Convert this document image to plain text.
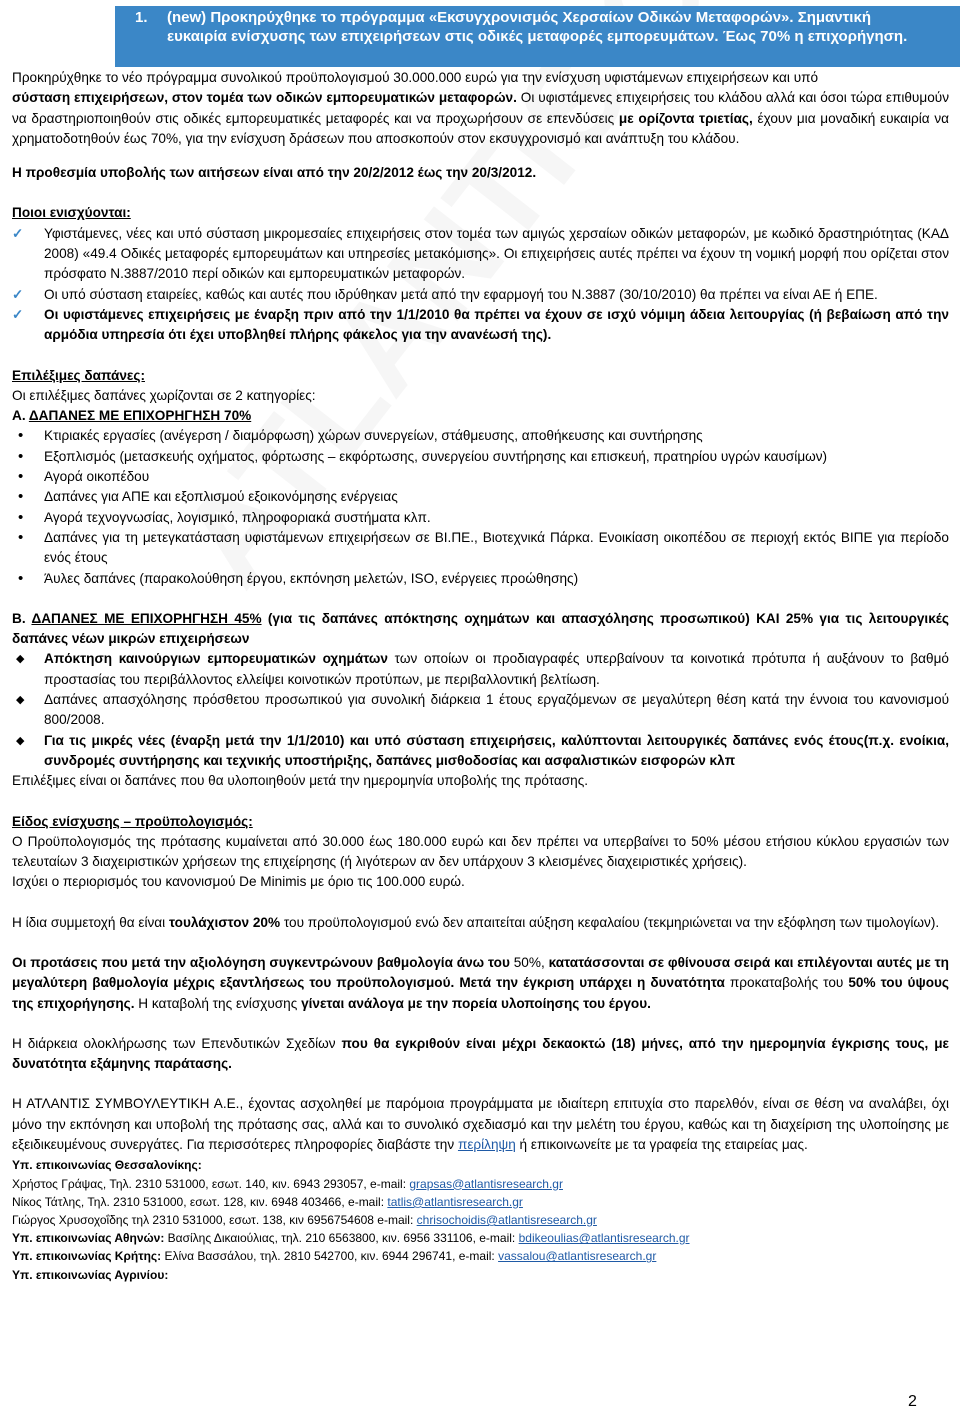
1. (new) Προκηρύχθηκε το πρόγραμμα «Εκσυγχρονισμός Χερσαίων Οδικών Μεταφορών». Σημαντική
ευκαιρία ενίσχυσης των επιχειρήσεων στις οδικές μεταφορές εμπορευμάτων. Έως 70% η επιχορήγηση.

Προκηρύχθηκε το νέο πρόγραμμα συνολικού προϋπολογισμού 30.000.000 ευρώ για την ενίσχυση υφιστάμενων επιχειρήσεων και υπό

σύσταση επιχειρήσεων, στον τομέα των οδικών εμπορευματικών μεταφορών. Οι υφιστάμενες επιχειρήσεις του κλάδου αλλά και όσοι τώρα επιθυμούν να δραστηριοποιηθούν στις οδικές εμπορευματικές μεταφορές και να προχωρήσουν σε επενδύσεις με ορίζοντα τριετίας, έχουν μια μοναδική ευκαιρία να χρηματοδοτηθούν έως 70%, για την ενίσχυση δράσεων που αποσκοπούν στον εκσυγχρονισμό και ανάπτυξη του κλάδου.

Η προθεσμία υποβολής των αιτήσεων είναι από την 20/2/2012 έως την 20/3/2012.

Ποιοι ενισχύονται:

✓ Υφιστάμενες, νέες και υπό σύσταση μικρομεσαίες επιχειρήσεις στον τομέα των αμιγώς χερσαίων οδικών μεταφορών, με κωδικό δραστηριότητας (ΚΑΔ 2008) «49.4 Οδικές μεταφορές εμπορευμάτων και υπηρεσίες μετακόμισης». Οι επιχειρήσεις αυτές πρέπει να έχουν τη νομική μορφή που ορίζεται στον πρόσφατο Ν.3887/2010 περί οδικών και εμπορευματικών μεταφορών.
✓ Οι υπό σύσταση εταιρείες, καθώς και αυτές που ιδρύθηκαν μετά από την εφαρμογή του Ν.3887 (30/10/2010) θα πρέπει να είναι ΑΕ ή ΕΠΕ.
✓ Οι υφιστάμενες επιχειρήσεις με έναρξη πριν από την 1/1/2010 θα πρέπει να έχουν σε ισχύ νόμιμη άδεια λειτουργίας (ή βεβαίωση από την αρμόδια υπηρεσία ότι έχει υποβληθεί πλήρης φάκελος για την ανανέωσή της).

Επιλέξιμες δαπάνες:

Οι επιλέξιμες δαπάνες χωρίζονται σε 2 κατηγορίες:

Α. ΔΑΠΑΝΕΣ ΜΕ ΕΠΙΧΟΡΗΓΗΣΗ 70%

• Κτιριακές εργασίες (ανέγερση / διαμόρφωση) χώρων συνεργείων, στάθμευσης, αποθήκευσης και συντήρησης
• Εξοπλισμός (μετασκευής οχήματος, φόρτωσης – εκφόρτωσης, συνεργείου συντήρησης και επισκευή, πρατηρίου υγρών καυσίμων)
• Αγορά οικοπέδου
• Δαπάνες για ΑΠΕ και εξοπλισμού εξοικονόμησης ενέργειας
• Αγορά τεχνογνωσίας, λογισμικό, πληροφοριακά συστήματα κλπ.
• Δαπάνες για τη μετεγκατάσταση υφιστάμενων επιχειρήσεων σε ΒΙ.ΠΕ., Βιοτεχνικά Πάρκα. Ενοικίαση οικοπέδου σε περιοχή εκτός ΒΙΠΕ για περίοδο ενός έτους
• Άυλες δαπάνες (παρακολούθηση έργου, εκπόνηση μελετών, ISO, ενέργειες προώθησης)

Β. ΔΑΠΑΝΕΣ ΜΕ ΕΠΙΧΟΡΗΓΗΣΗ 45% (για τις δαπάνες απόκτησης οχημάτων και απασχόλησης προσωπικού) ΚΑΙ 25% για τις λειτουργικές δαπάνες νέων μικρών επιχειρήσεων

◆ Απόκτηση καινούργιων εμπορευματικών οχημάτων των οποίων οι προδιαγραφές υπερβαίνουν τα κοινοτικά πρότυπα ή αυξάνουν το βαθμό προστασίας του περιβάλλοντος ελλείψει κοινοτικών προτύπων, με περιβαλλοντική βελτίωση.
◆ Δαπάνες απασχόλησης πρόσθετου προσωπικού για συνολική διάρκεια 1 έτους εργαζόμενων σε μεγαλύτερη θέση κατά την έννοια του κανονισμού 800/2008.
◆ Για τις μικρές νέες (έναρξη μετά την 1/1/2010) και υπό σύσταση επιχειρήσεις, καλύπτονται λειτουργικές δαπάνες ενός έτους(π.χ. ενοίκια, συνδρομές συντήρησης και τεχνικής υποστήριξης, δαπάνες μισθοδοσίας και ασφαλιστικών εισφορών κλπ

Επιλέξιμες είναι οι δαπάνες που θα υλοποιηθούν μετά την ημερομηνία υποβολής της πρότασης.

Είδος ενίσχυσης – προϋπολογισμός:

Ο Προϋπολογισμός της πρότασης κυμαίνεται από 30.000 έως 180.000 ευρώ και δεν πρέπει να υπερβαίνει το 50% μέσου ετήσιου κύκλου εργασιών των τελευταίων 3 διαχειριστικών χρήσεων της επιχείρησης (ή λιγότερων αν δεν υπάρχουν 3 κλεισμένες διαχειριστικές χρήσεις).

Ισχύει ο περιορισμός του κανονισμού De Minimis με όριο τις 100.000 ευρώ.

Η ίδια συμμετοχή θα είναι τουλάχιστον 20% του προϋπολογισμού ενώ δεν απαιτείται αύξηση κεφαλαίου (τεκμηριώνεται να την εξόφληση των τιμολογίων).

Οι προτάσεις που μετά την αξιολόγηση συγκεντρώνουν βαθμολογία άνω του 50%, κατατάσσονται σε φθίνουσα σειρά και επιλέγονται αυτές με τη μεγαλύτερη βαθμολογία μέχρις εξαντλήσεως του προϋπολογισμού. Μετά την έγκριση υπάρχει η δυνατότητα προκαταβολής του 50% του ύψους της επιχορήγησης. Η καταβολή της ενίσχυσης γίνεται ανάλογα με την πορεία υλοποίησης του έργου.

Η διάρκεια ολοκλήρωσης των Επενδυτικών Σχεδίων που θα εγκριθούν είναι μέχρι δεκαοκτώ (18) μήνες, από την ημερομηνία έγκρισης τους, με δυνατότητα εξάμηνης παράτασης.

Η ΑΤΛΑΝΤΙΣ ΣΥΜΒΟΥΛΕΥΤΙΚΗ Α.Ε., έχοντας ασχοληθεί με παρόμοια προγράμματα με ιδιαίτερη επιτυχία στο παρελθόν, είναι σε θέση να αναλάβει, όχι μόνο την εκπόνηση και υποβολή της πρότασης σας, αλλά και το συνολικό σχεδιασμό και την μελέτη του έργου, καθώς και τη διαχείριση της υλοποίησης με εξειδικευμένους συνεργάτες. Για περισσότερες πληροφορίες διαβάστε την περίληψη ή επικοινωνείτε με τα γραφεία της εταιρείας μας.

Υπ. επικοινωνίας Θεσσαλονίκης:

Χρήστος Γράψας, Τηλ. 2310 531000, εσωτ. 140, κιν. 6943 293057, e-mail: grapsas@atlantisresearch.gr

Νίκος Τάτλης, Τηλ. 2310 531000, εσωτ. 128, κιν. 6948 403466, e-mail: tatlis@atlantisresearch.gr

Γιώργος Χρυσοχοΐδης τηλ 2310 531000, εσωτ. 138, κιν 6956754608 e-mail: chrisochoidis@atlantisresearch.gr

Υπ. επικοινωνίας Αθηνών: Βασίλης Δικαιούλιας, τηλ. 210 6563800, κιν. 6956 331106, e-mail: bdikeoulias@atlantisresearch.gr

Υπ. επικοινωνίας Κρήτης: Ελίνα Βασσάλου, τηλ. 2810 542700, κιν. 6944 296741, e-mail: vassalou@atlantisresearch.gr

Υπ. επικοινωνίας Αγρινίου:

2
